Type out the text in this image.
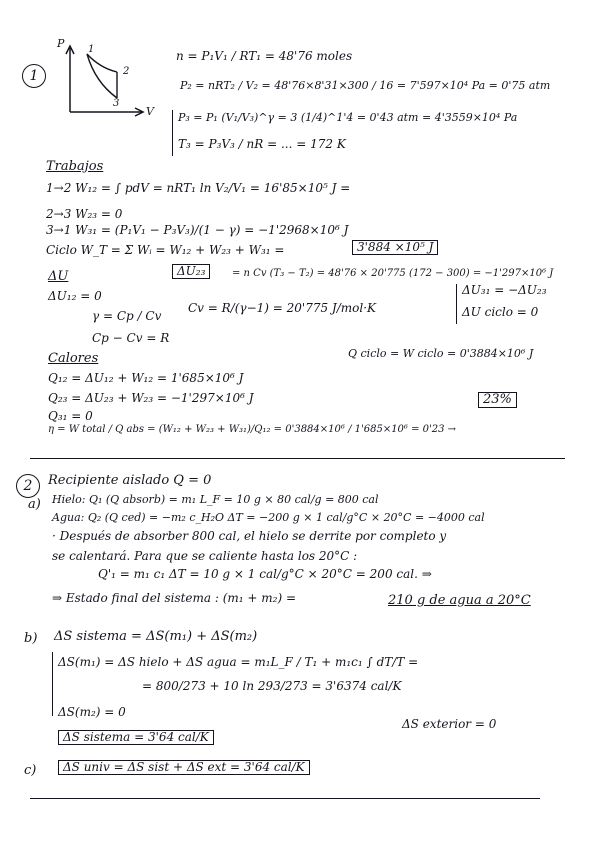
1
P
V
1
2
3
n = P₁V₁ / RT₁ = 48'76 moles
P₂ = nRT₂ / V₂ = 48'76×8'31×300 / 16 = 7'597×10⁴ Pa = 0'75 atm
P₃ = P₁ (V₁/V₃)^γ = 3 (1/4)^1'4 = 0'43 atm = 4'3559×10⁴ Pa
T₃ = P₃V₃ / nR = ... = 172 K
Trabajos
1→2 W₁₂ = ∫ pdV = nRT₁ ln V₂/V₁ = 16'85×10⁵ J =
2→3 W₂₃ = 0
3→1 W₃₁ = (P₁V₁ − P₃V₃)/(1 − γ) = −1'2968×10⁶ J
Ciclo W_T = Σ Wᵢ = W₁₂ + W₂₃ + W₃₁ =	3'884 ×10⁵ J
ΔU
ΔU₁₂ = 0
ΔU₂₃	= n Cv (T₃ − T₂) = 48'76 × 20'775 (172 − 300) = −1'297×10⁶ J
γ = Cp / Cv
Cp − Cv = R
Cv = R/(γ−1) = 20'775 J/mol·K
ΔU₃₁ = −ΔU₂₃
ΔU ciclo = 0
Calores
Q₁₂ = ΔU₁₂ + W₁₂ = 1'685×10⁶ J
Q₂₃ = ΔU₂₃ + W₂₃ = −1'297×10⁶ J
Q₃₁ = 0
Q ciclo = W ciclo = 0'3884×10⁶ J
η = W total / Q abs = (W₁₂ + W₂₃ + W₃₁)/Q₁₂ = 0'3884×10⁶ / 1'685×10⁶ = 0'23 →
23%
2	Recipiente aislado Q = 0
a) Hielo: Q₁ (Q absorb) = m₁ L_F = 10 g × 80 cal/g = 800 cal
Agua: Q₂ (Q ced) = −m₂ c_H₂O ΔT = −200 g × 1 cal/g°C × 20°C = −4000 cal
· Después de absorber 800 cal, el hielo se derrite por completo y
se calentará. Para que se caliente hasta los 20°C :
Q'₁ = m₁ c₁ ΔT = 10 g × 1 cal/g°C × 20°C = 200 cal. ⇒
⇒ Estado final del sistema : (m₁ + m₂) =	210 g de agua a 20°C
b) ΔS sistema = ΔS(m₁) + ΔS(m₂)
ΔS(m₁) = ΔS hielo + ΔS agua = m₁L_F / T₁ + m₁c₁ ∫ dT/T =
= 800/273 + 10 ln 293/273 = 3'6374 cal/K
ΔS(m₂) = 0
ΔS sistema = 3'64 cal/K
ΔS exterior = 0
c)	ΔS univ = ΔS sist + ΔS ext = 3'64 cal/K
